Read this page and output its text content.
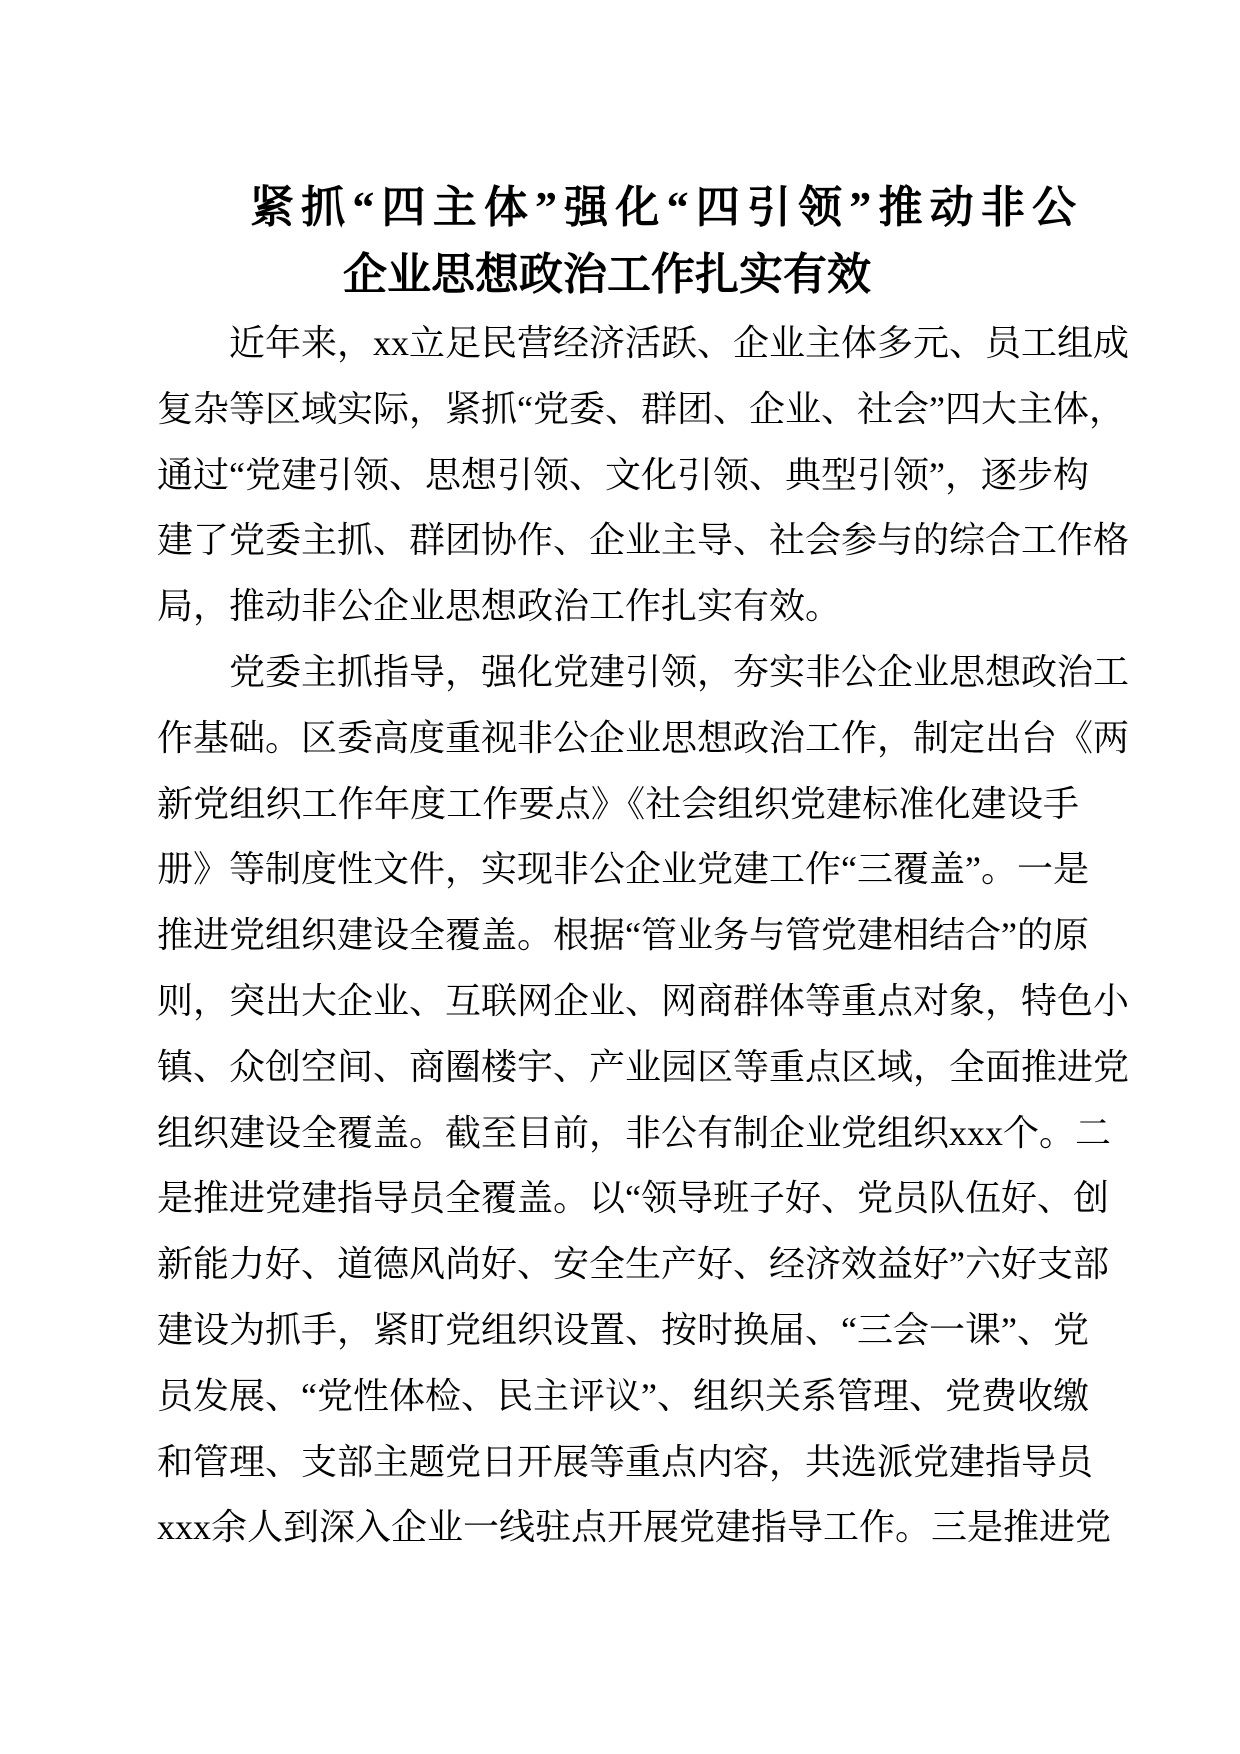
紧抓“四主体”强化“四引领”推动非公
企业思想政治工作扎实有效
近年来，xx立足民营经济活跃、企业主体多元、员工组成
复杂等区域实际，紧抓“党委、群团、企业、社会”四大主体，
通过“党建引领、思想引领、文化引领、典型引领”，逐步构
建了党委主抓、群团协作、企业主导、社会参与的综合工作格
局，推动非公企业思想政治工作扎实有效。
党委主抓指导，强化党建引领，夯实非公企业思想政治工
作基础。区委高度重视非公企业思想政治工作，制定出台《两
新党组织工作年度工作要点》《社会组织党建标准化建设手
册》等制度性文件，实现非公企业党建工作“三覆盖”。一是
推进党组织建设全覆盖。根据“管业务与管党建相结合”的原
则，突出大企业、互联网企业、网商群体等重点对象，特色小
镇、众创空间、商圈楼宇、产业园区等重点区域，全面推进党
组织建设全覆盖。截至目前，非公有制企业党组织xxx个。二
是推进党建指导员全覆盖。以“领导班子好、党员队伍好、创
新能力好、道德风尚好、安全生产好、经济效益好”六好支部
建设为抓手，紧盯党组织设置、按时换届、“三会一课”、党
员发展、“党性体检、民主评议”、组织关系管理、党费收缴
和管理、支部主题党日开展等重点内容，共选派党建指导员
xxx余人到深入企业一线驻点开展党建指导工作。三是推进党
